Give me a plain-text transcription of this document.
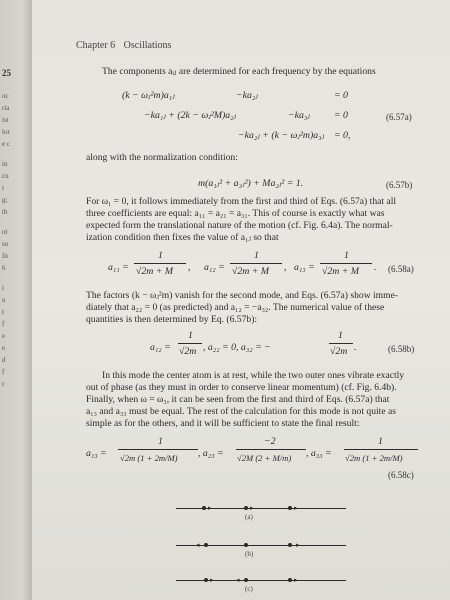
25
oc
ria
ist
lor
e c
in
cu
i
g;
th
ot
so
fn
6
i
u
t
f
e
e
d
f
r
Chapter 6 Oscillations
The components aᵢⱼ are determined for each frequency by the equations
(k − ωⱼ²m)a₁ⱼ	−ka₂ⱼ	= 0
−ka₁ⱼ + (2k − ωⱼ²M)a₂ⱼ	−ka₃ⱼ = 0	(6.57a)
−ka₂ⱼ + (k − ωⱼ²m)a₃ⱼ = 0,
along with the normalization condition:
m(a₁ⱼ² + a₃ⱼ²) + Ma₂ⱼ² = 1.	(6.57b)
For ω₁ = 0, it follows immediately from the first and third of Eqs. (6.57a) that all
three coefficients are equal: a₁₁ = a₂₁ = a₃₁. This of course is exactly what was
expected form the translational nature of the motion (cf. Fig. 6.4a). The normal-
ization condition then fixes the value of a₁ⱼ so that
a₁₁ =
1
√2m + M , a₁₂ =
1
√2m + M , a₁₃ =
1
√2m + M . (6.58a)
The factors (k − ωⱼ²m) vanish for the second mode, and Eqs. (6.57a) show imme-
diately that a₂₂ = 0 (as predicted) and a₁₂ = −a₃₂. The numerical value of these
quantities is then determined by Eq. (6.57b):
a₁₂ =
1
√2m , a₂₂ = 0, a₃₂ = −
1
√2m .	(6.58b)
In this mode the center atom is at rest, while the two outer ones vibrate exactly
out of phase (as they must in order to conserve linear momentum) (cf. Fig. 6.4b).
Finally, when ω = ω₃, it can be seen from the first and third of Eqs. (6.57a) that
a₁₃ and a₃₃ must be equal. The rest of the calculation for this mode is not quite as
simple as for the others, and it will be sufficient to state the final result:
a₁₃ =
1
√2m (1 + 2m/M) , a₂₃ =
−2
√2M (2 + M/m) , a₃₃ =
1
√2m (1 + 2m/M)
(6.58c)
▸	▸	▸
(a)
◂	▸
(b)
▸	◂	▸
(c)
